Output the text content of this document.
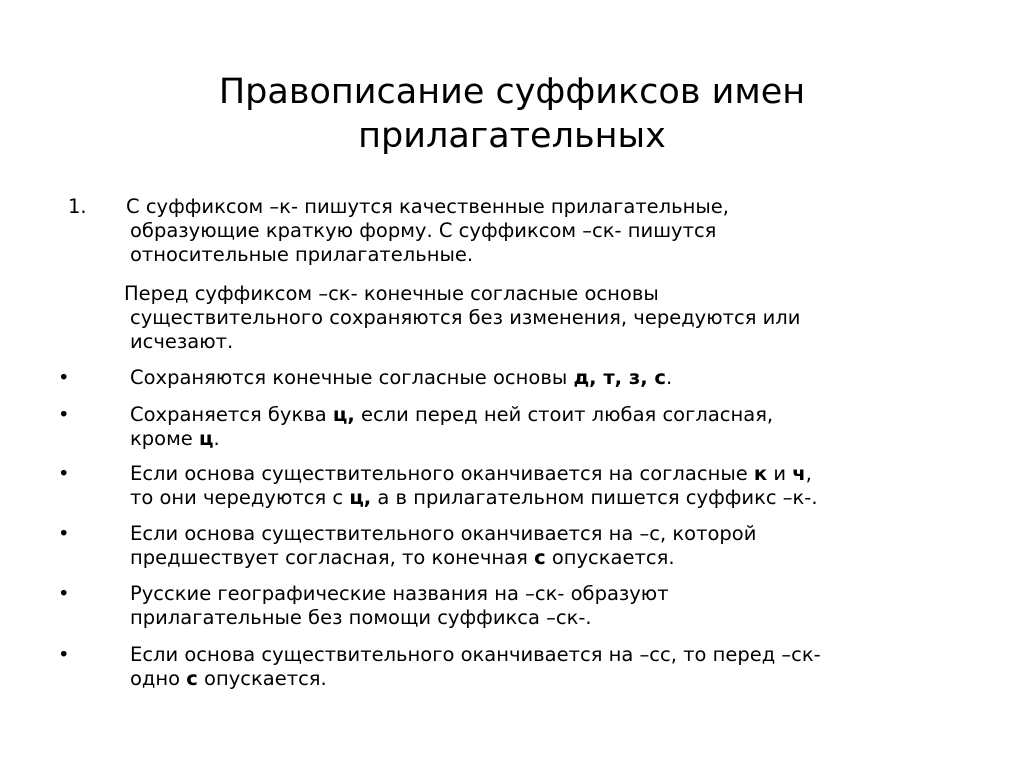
Правописание суффиксов имен
прилагательных
1. С суффиксом –к- пишутся качественные прилагательные,
образующие краткую форму. С суффиксом –ск- пишутся
относительные прилагательные.
Перед суффиксом –ск- конечные согласные основы
существительного сохраняются без изменения, чередуются или
исчезают.
•	Сохраняются конечные согласные основы д, т, з, с.
•	Сохраняется буква ц, если перед ней стоит любая согласная,
кроме ц.
•	Если основа существительного оканчивается на согласные к и ч,
то они чередуются с ц, а в прилагательном пишется суффикс –к-.
•	Если основа существительного оканчивается на –с, которой
предшествует согласная, то конечная с опускается.
•	Русские географические названия на –ск- образуют
прилагательные без помощи суффикса –ск-.
•	Если основа существительного оканчивается на –сс, то перед –ск-
одно с опускается.
